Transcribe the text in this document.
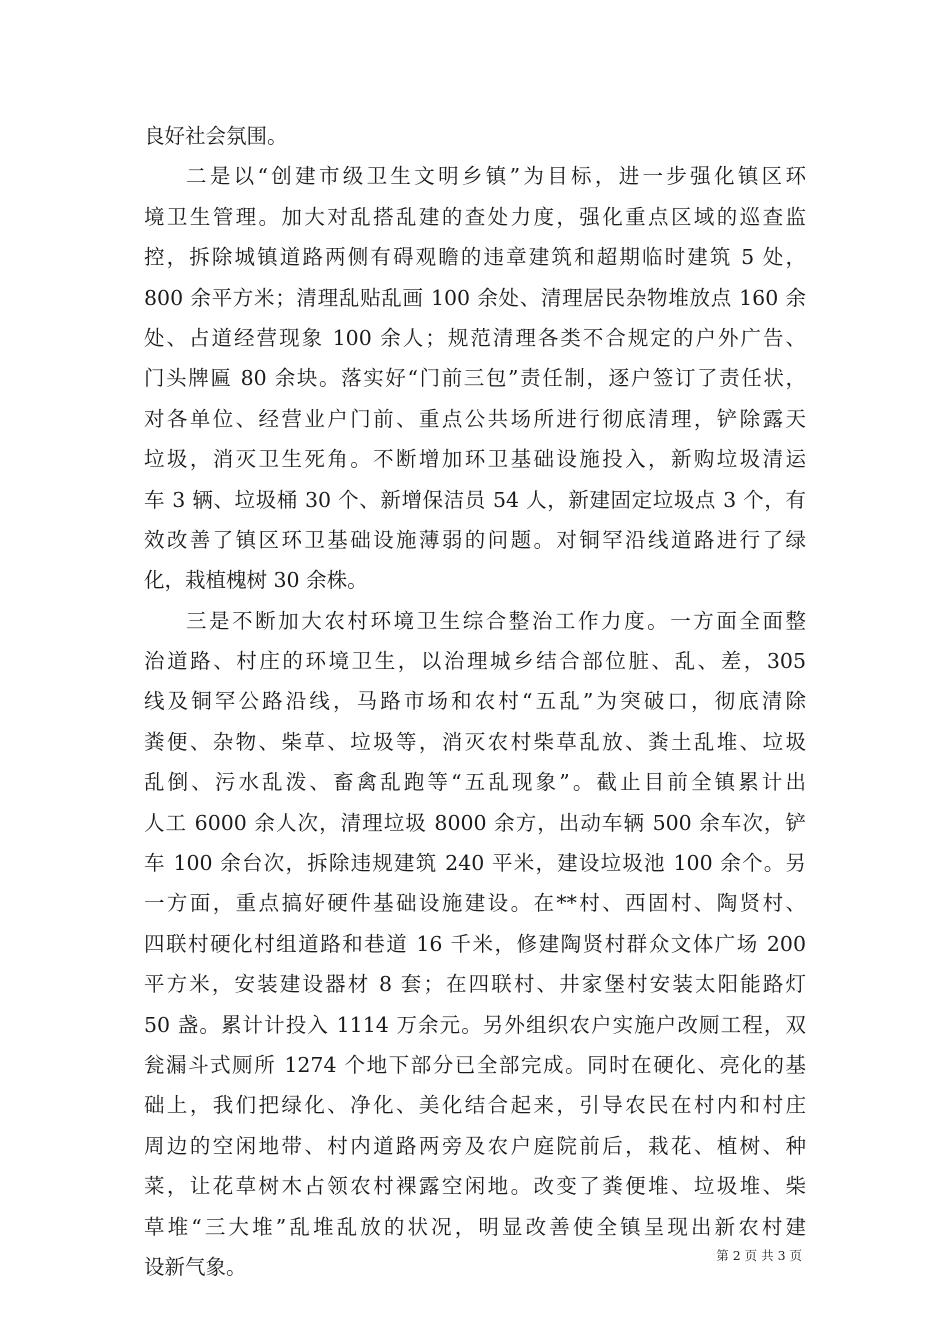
良好社会氛围。
二是以“创建市级卫生文明乡镇”为目标，进一步强化镇区环
境卫生管理。加大对乱搭乱建的查处力度，强化重点区域的巡查监
控，拆除城镇道路两侧有碍观瞻的违章建筑和超期临时建筑 5 处，
800 余平方米；清理乱贴乱画 100 余处、清理居民杂物堆放点 160 余
处、占道经营现象 100 余人；规范清理各类不合规定的户外广告、
门头牌匾 80 余块。落实好“门前三包”责任制，逐户签订了责任状，
对各单位、经营业户门前、重点公共场所进行彻底清理，铲除露天
垃圾，消灭卫生死角。不断增加环卫基础设施投入，新购垃圾清运
车 3 辆、垃圾桶 30 个、新增保洁员 54 人，新建固定垃圾点 3 个，有
效改善了镇区环卫基础设施薄弱的问题。对铜罕沿线道路进行了绿
化，栽植槐树 30 余株。
三是不断加大农村环境卫生综合整治工作力度。一方面全面整
治道路、村庄的环境卫生，以治理城乡结合部位脏、乱、差，305
线及铜罕公路沿线，马路市场和农村“五乱”为突破口，彻底清除
粪便、杂物、柴草、垃圾等，消灭农村柴草乱放、粪土乱堆、垃圾
乱倒、污水乱泼、畜禽乱跑等“五乱现象”。截止目前全镇累计出
人工 6000 余人次，清理垃圾 8000 余方，出动车辆 500 余车次，铲
车 100 余台次，拆除违规建筑 240 平米，建设垃圾池 100 余个。另
一方面，重点搞好硬件基础设施建设。在**村、西固村、陶贤村、
四联村硬化村组道路和巷道 16 千米，修建陶贤村群众文体广场 200
平方米，安装建设器材 8 套；在四联村、井家堡村安装太阳能路灯
50 盏。累计计投入 1114 万余元。另外组织农户实施户改厕工程，双
瓮漏斗式厕所 1274 个地下部分已全部完成。同时在硬化、亮化的基
础上，我们把绿化、净化、美化结合起来，引导农民在村内和村庄
周边的空闲地带、村内道路两旁及农户庭院前后，栽花、植树、种
菜，让花草树木占领农村裸露空闲地。改变了粪便堆、垃圾堆、柴
草堆“三大堆”乱堆乱放的状况，明显改善使全镇呈现出新农村建
设新气象。	第 2 页 共 3 页
